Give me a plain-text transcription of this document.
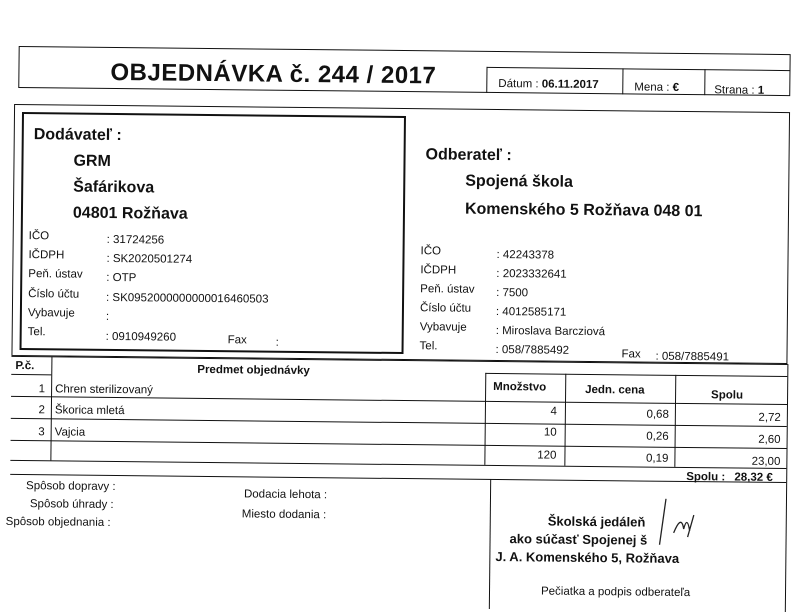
OBJEDNÁVKA č. 244 / 2017	Dátum : 06.11.2017	Mena : €	Strana : 1
Dodávateľ :
GRM
Šafárikova
04801 Rožňava
IČO	: 31724256
IČDPH	: SK2020501274
Peň. ústav : OTP
Číslo účtu : SK0952000000000016460503
Vybavuje	:
Tel.	: 0910949260	Fax :
Odberateľ :
Spojená škola
Komenského 5 Rožňava 048 01
IČO	: 42243378
IČDPH	: 2023332641
Peň. ústav : 7500
Číslo účtu : 4012585171
Vybavuje	: Miroslava Barcziová
Tel.	: 058/7885492	Fax : 058/7885491
P.č.	Predmet objednávky
Množstvo	Jedn. cena	Spolu
1 Chren sterilizovaný
2 Škorica mletá	4	0,68	2,72
3 Vajcia	10	0,26	2,60
120	0,19	23,00
Spolu : 28,32 €
Spôsob dopravy :
Spôsob úhrady :
Spôsob objednania :
Dodacia lehota :
Miesto dodania :	Školská jedáleň
ako súčasť Spojenej š
J. A. Komenského 5, Rožňava
Pečiatka a podpis odberateľa
